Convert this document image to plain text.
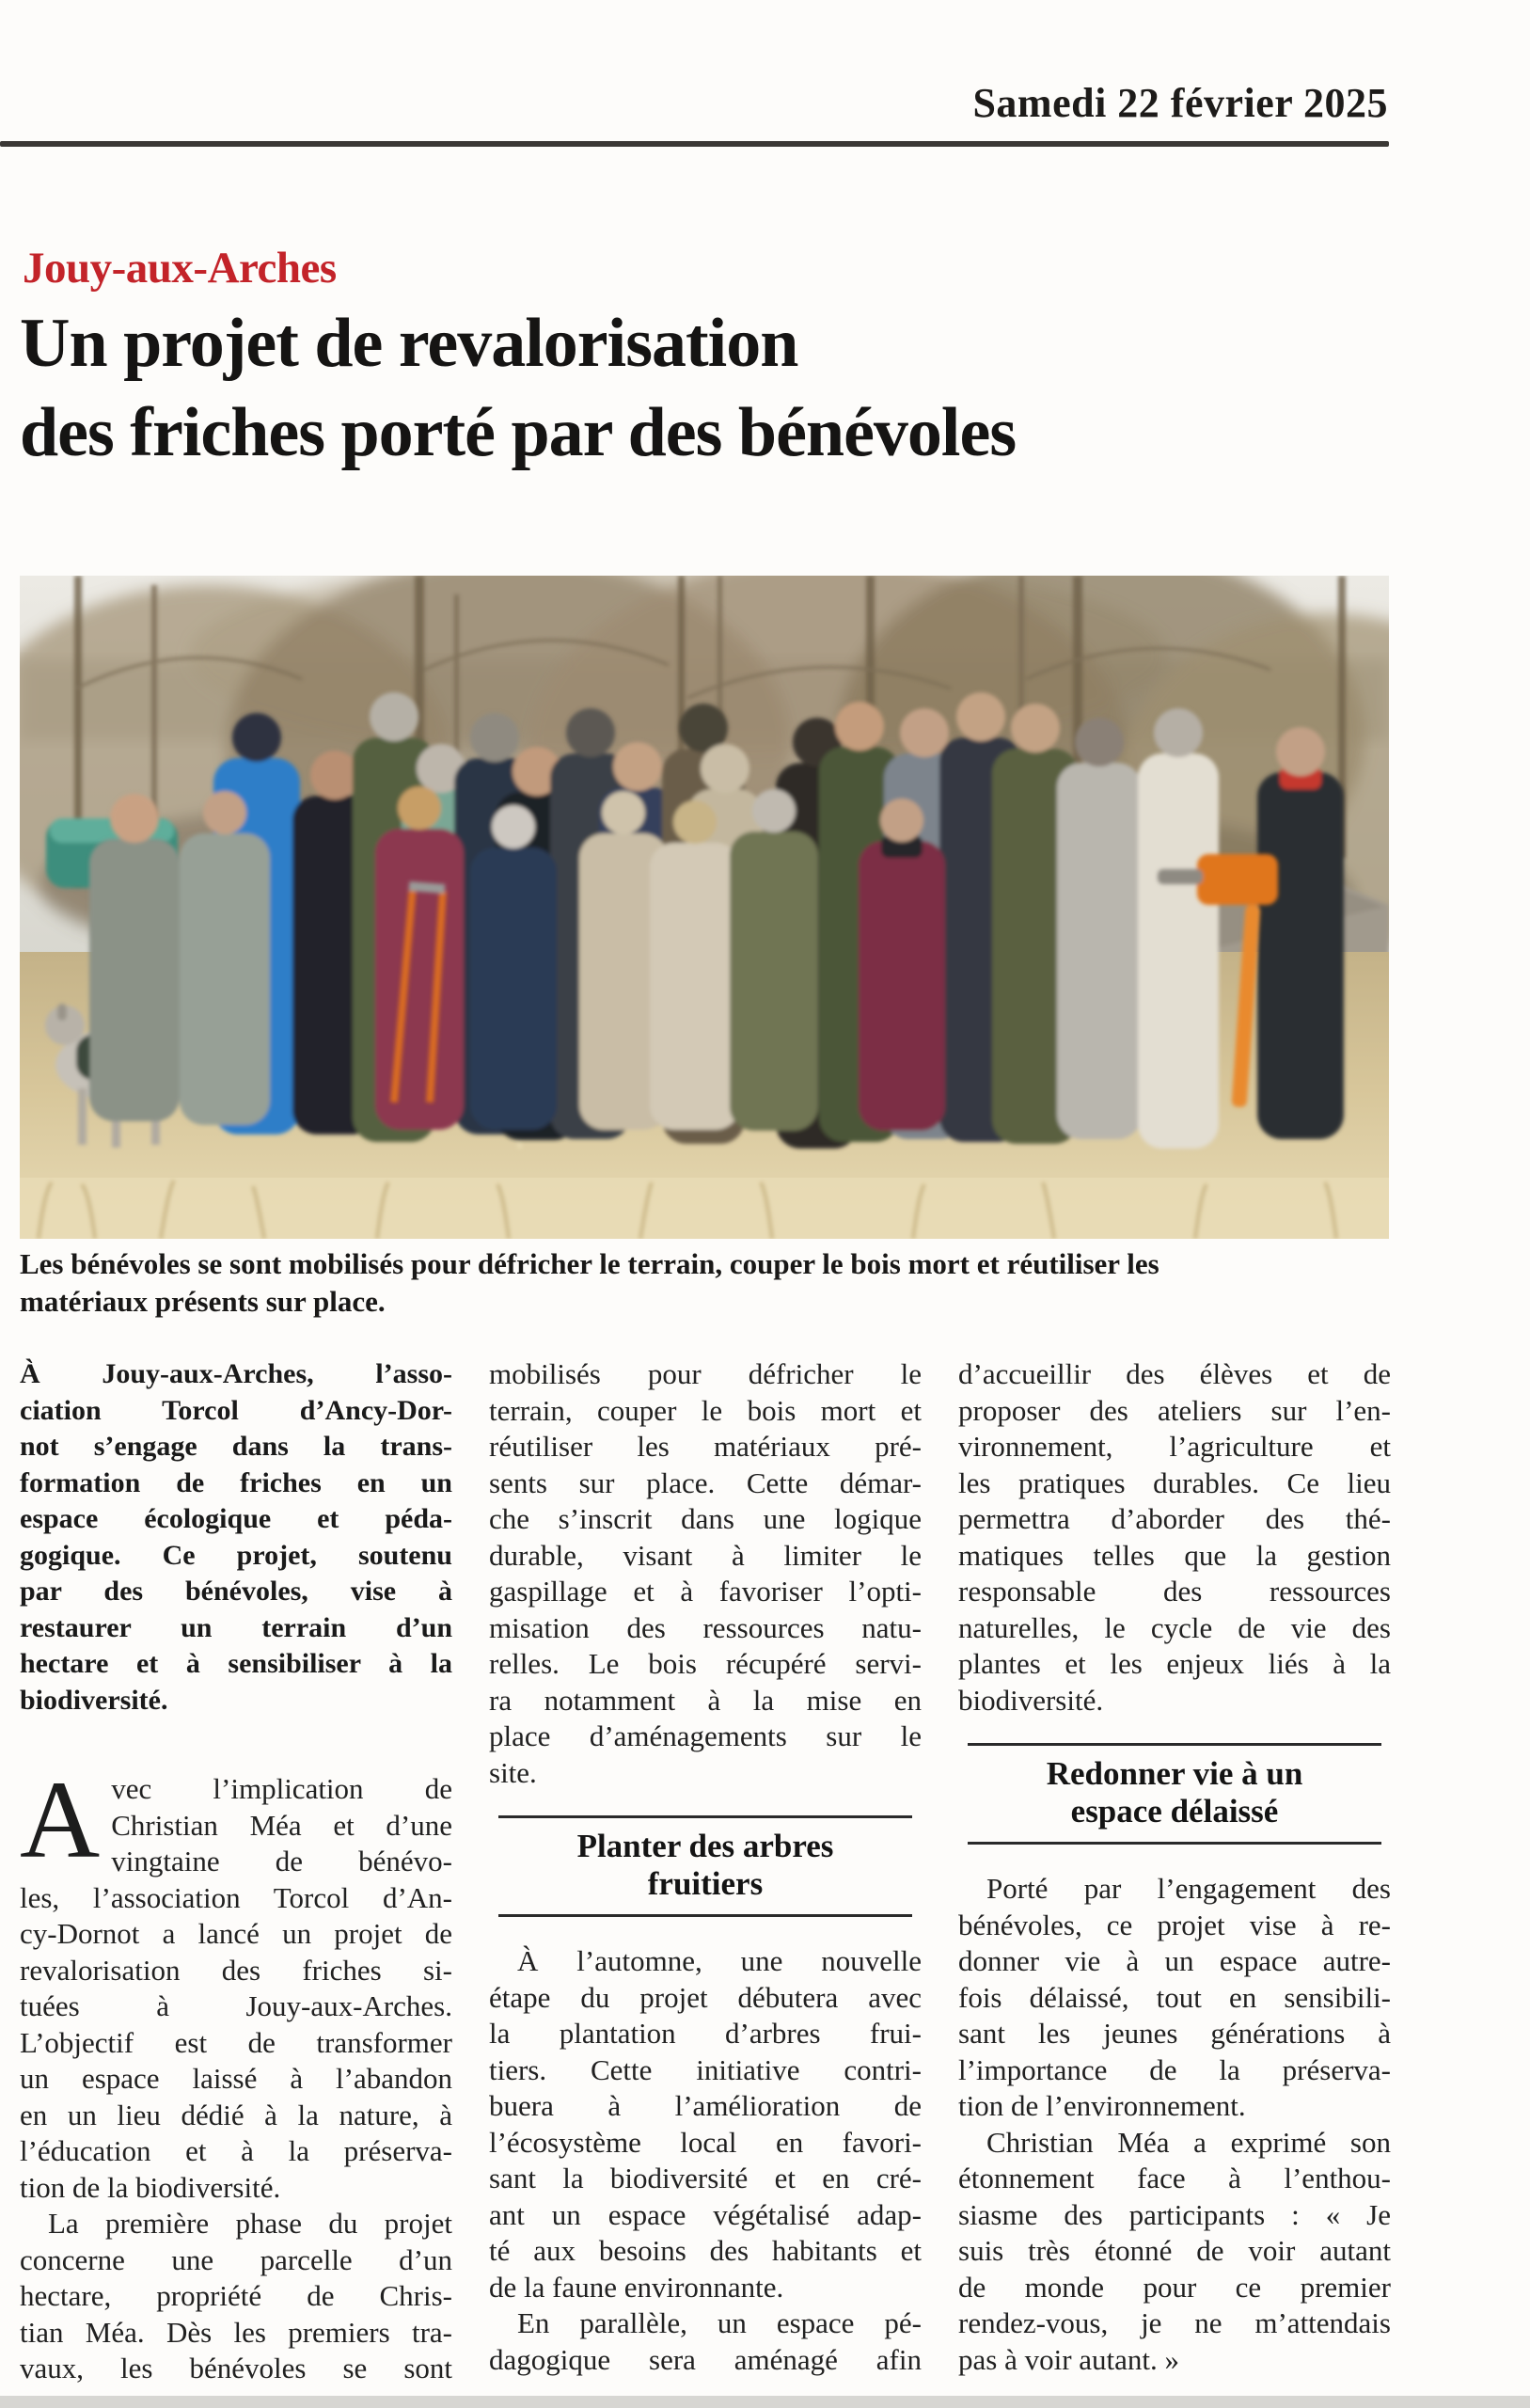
Samedi 22 février 2025
Jouy-aux-Arches
Un projet de revalorisation
des friches porté par des bénévoles
Les bénévoles se sont mobilisés pour défricher le terrain, couper le bois mort et réutiliser les
matériaux présents sur place.
À Jouy-aux-Arches, l’asso-
ciation Torcol d’Ancy-Dor-
not s’engage dans la trans-
formation de friches en un
espace écologique et péda-
gogique. Ce projet, soutenu
par des bénévoles, vise à
restaurer un terrain d’un
hectare et à sensibiliser à la
biodiversité.
A vec l’implication de
Christian Méa et d’une
vingtaine de bénévo-
les, l’association Torcol d’An-
cy-Dornot a lancé un projet de
revalorisation des friches si-
tuées à Jouy-aux-Arches.
L’objectif est de transformer
un espace laissé à l’abandon
en un lieu dédié à la nature, à
l’éducation et à la préserva-
tion de la biodiversité.
La première phase du projet
concerne une parcelle d’un
hectare, propriété de Chris-
tian Méa. Dès les premiers tra-
vaux, les bénévoles se sont
mobilisés pour défricher le
terrain, couper le bois mort et
réutiliser les matériaux pré-
sents sur place. Cette démar-
che s’inscrit dans une logique
durable, visant à limiter le
gaspillage et à favoriser l’opti-
misation des ressources natu-
relles. Le bois récupéré servi-
ra notamment à la mise en
place d’aménagements sur le
site.
Planter des arbres
fruitiers
À l’automne, une nouvelle
étape du projet débutera avec
la plantation d’arbres frui-
tiers. Cette initiative contri-
buera à l’amélioration de
l’écosystème local en favori-
sant la biodiversité et en cré-
ant un espace végétalisé adap-
té aux besoins des habitants et
de la faune environnante.
En parallèle, un espace pé-
dagogique sera aménagé afin
d’accueillir des élèves et de
proposer des ateliers sur l’en-
vironnement, l’agriculture et
les pratiques durables. Ce lieu
permettra d’aborder des thé-
matiques telles que la gestion
responsable des ressources
naturelles, le cycle de vie des
plantes et les enjeux liés à la
biodiversité.
Redonner vie à un
espace délaissé
Porté par l’engagement des
bénévoles, ce projet vise à re-
donner vie à un espace autre-
fois délaissé, tout en sensibili-
sant les jeunes générations à
l’importance de la préserva-
tion de l’environnement.
Christian Méa a exprimé son
étonnement face à l’enthou-
siasme des participants : « Je
suis très étonné de voir autant
de monde pour ce premier
rendez-vous, je ne m’attendais
pas à voir autant. »
